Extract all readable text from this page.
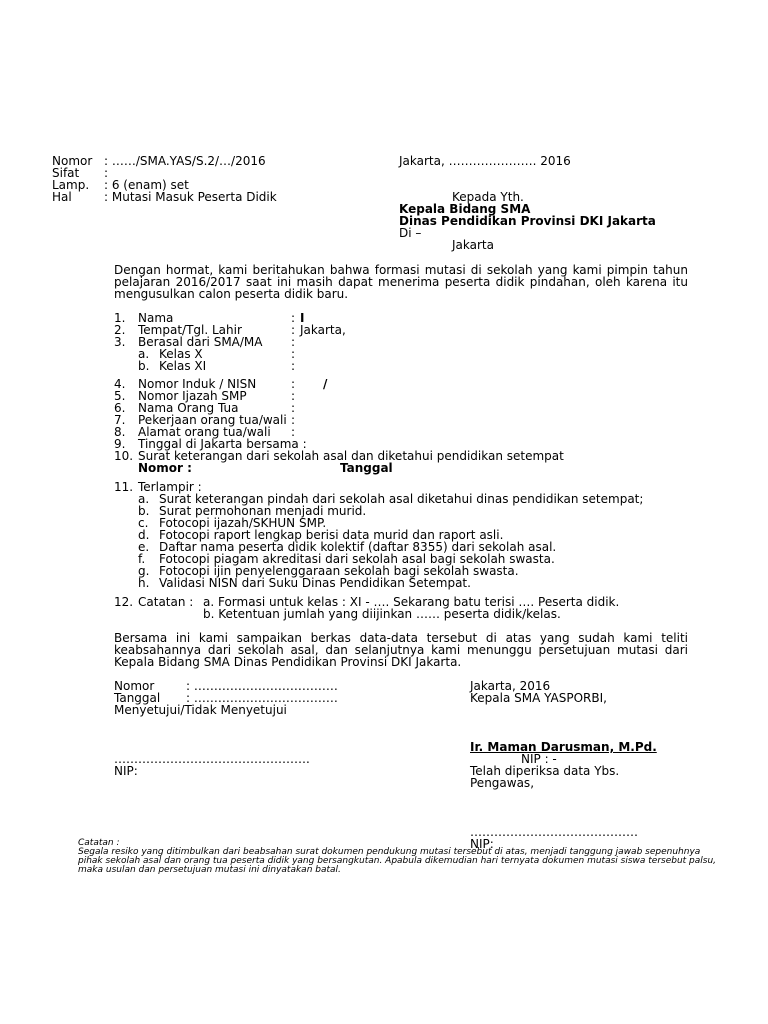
Nomor : ……/SMA.YAS/S.2/…/2016
Sifat :
Lamp. : 6 (enam) set
Hal	: Mutasi Masuk Peserta Didik
Jakarta, …………………. 2016
Kepada Yth.
Kepala Bidang SMA
Dinas Pendidikan Provinsi DKI Jakarta
Di –
Jakarta
Dengan hormat, kami beritahukan bahwa formasi mutasi di sekolah yang kami pimpin tahun pelajaran 2016/2017 saat ini masih dapat menerima peserta didik pindahan, oleh karena itu mengusulkan calon peserta didik baru.
1. Nama	: I
2. Tempat/Tgl. Lahir	: Jakarta,
3. Berasal dari SMA/MA :
a. Kelas X	:
b. Kelas XI	:
4. Nomor Induk / NISN	: /
5. Nomor Ijazah SMP	:
6. Nama Orang Tua	:
7. Pekerjaan orang tua/wali :
8. Alamat orang tua/wali :
9. Tinggal di Jakarta bersama :
10. Surat keterangan dari sekolah asal dan diketahui pendidikan setempat
Nomor :	Tanggal
11. Terlampir :
a. Surat keterangan pindah dari sekolah asal diketahui dinas pendidikan setempat;
b. Surat permohonan menjadi murid.
c. Fotocopi ijazah/SKHUN SMP.
d. Fotocopi raport lengkap berisi data murid dan raport asli.
e. Daftar nama peserta didik kolektif (daftar 8355) dari sekolah asal.
f. Fotocopi piagam akreditasi dari sekolah asal bagi sekolah swasta.
g. Fotocopi ijin penyelenggaraan sekolah bagi sekolah swasta.
h. Validasi NISN dari Suku Dinas Pendidikan Setempat.
12. Catatan : a. Formasi untuk kelas : XI - …. Sekarang batu terisi …. Peserta didik.
b. Ketentuan jumlah yang diijinkan …… peserta didik/kelas.
Bersama ini kami sampaikan berkas data-data tersebut di atas yang sudah kami teliti keabsahannya dari sekolah asal, dan selanjutnya kami menunggu persetujuan mutasi dari Kepala Bidang SMA Dinas Pendidikan Provinsi DKI Jakarta.
Nomor	: ………………………………
Tanggal : ………………………………
Menyetujui/Tidak Menyetujui
………………………………………….
NIP:
Jakarta, 2016
Kepala SMA YASPORBI,
Ir. Maman Darusman, M.Pd.
NIP : -
Telah diperiksa data Ybs.
Pengawas,
……………………………………
NIP:
Catatan :
Segala resiko yang ditimbulkan dari beabsahan surat dokumen pendukung mutasi tersebut di atas, menjadi tanggung jawab sepenuhnya pihak sekolah asal dan orang tua peserta didik yang bersangkutan. Apabula dikemudian hari ternyata dokumen mutasi siswa tersebut palsu, maka usulan dan persetujuan mutasi ini dinyatakan batal.
